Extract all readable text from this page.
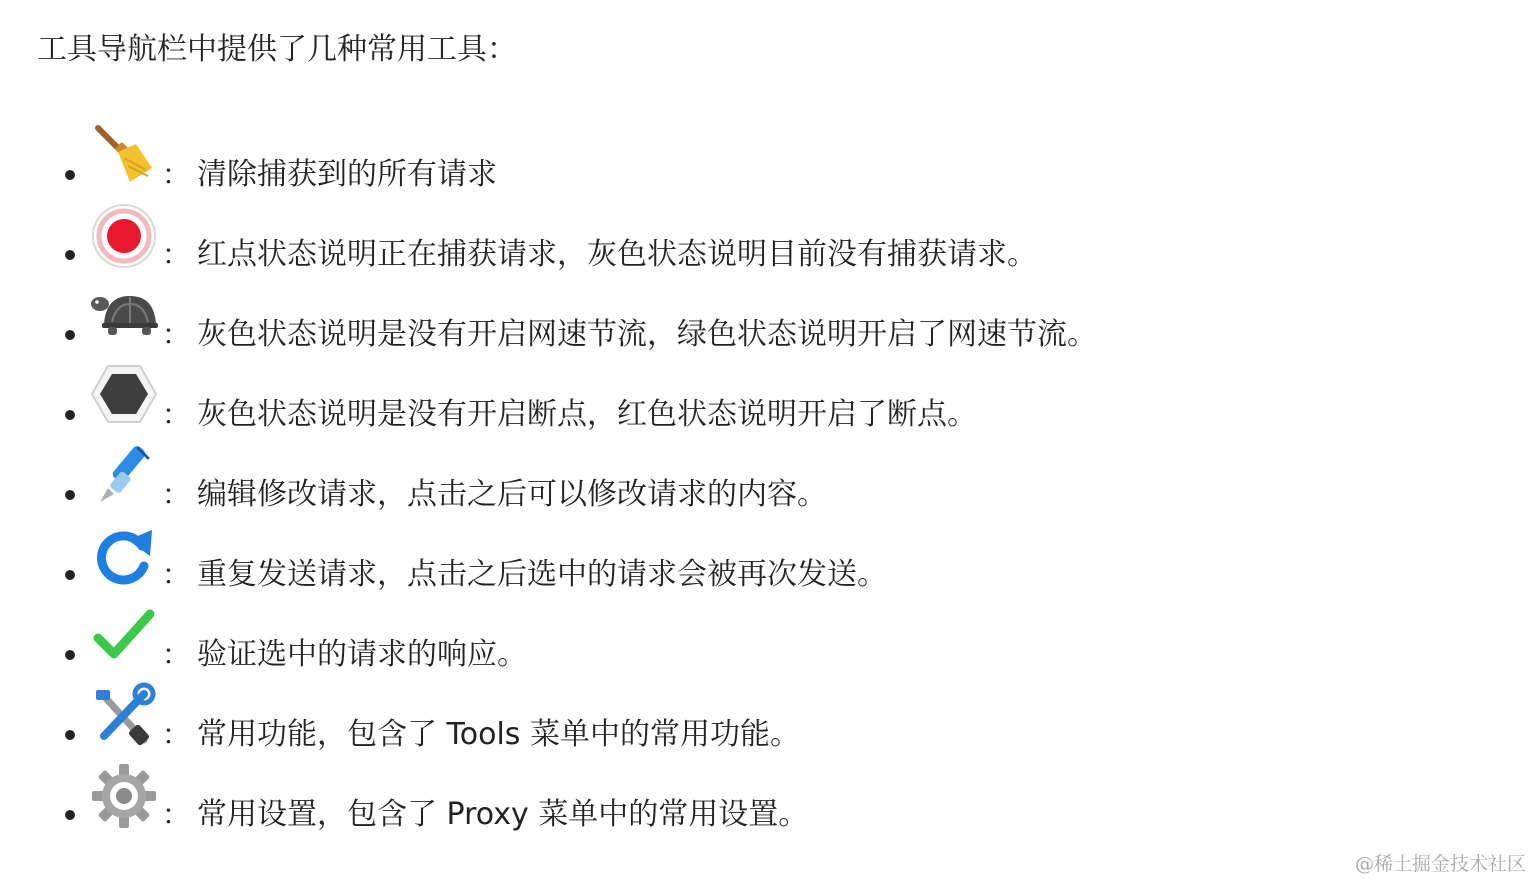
工具导航栏中提供了几种常用工具：
： 清除捕获到的所有请求
： 红点状态说明正在捕获请求，灰色状态说明目前没有捕获请求。
： 灰色状态说明是没有开启网速节流，绿色状态说明开启了网速节流。
： 灰色状态说明是没有开启断点，红色状态说明开启了断点。
： 编辑修改请求，点击之后可以修改请求的内容。
： 重复发送请求，点击之后选中的请求会被再次发送。
： 验证选中的请求的响应。
： 常用功能，包含了 Tools 菜单中的常用功能。
： 常用设置，包含了 Proxy 菜单中的常用设置。
@稀土掘金技术社区
